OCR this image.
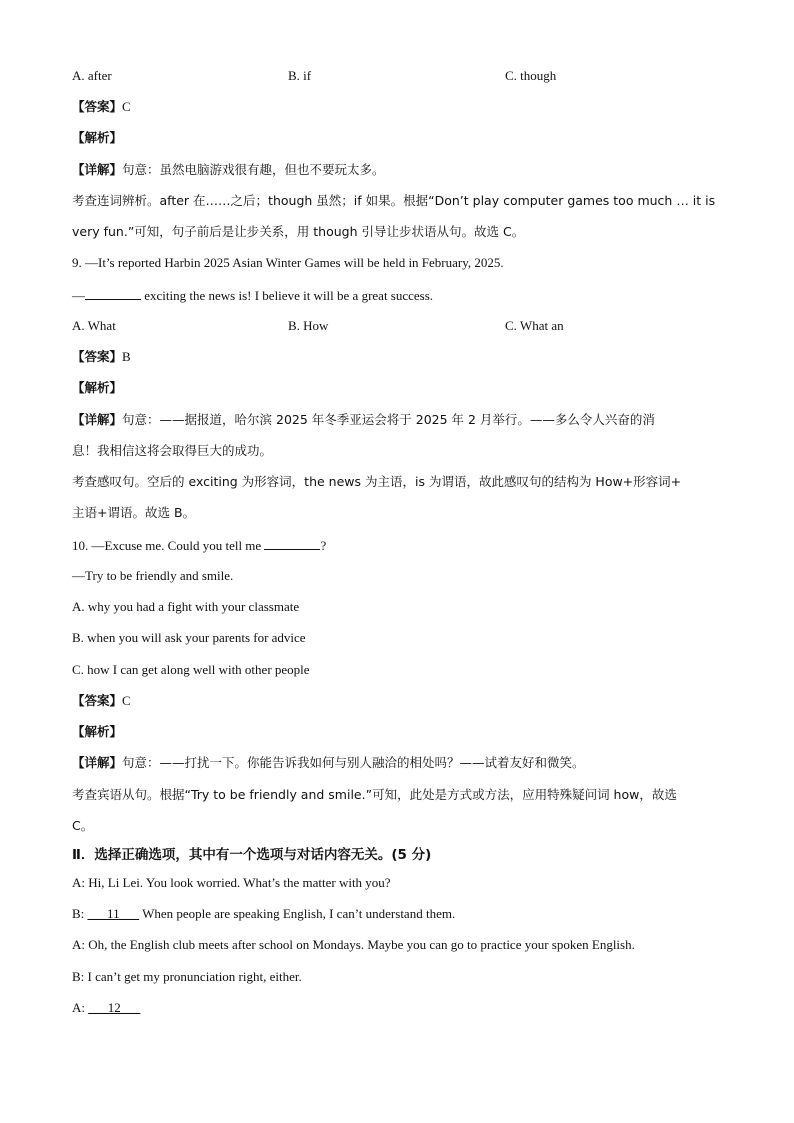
A. after	B. if	C. though
【答案】C
【解析】
【详解】句意：虽然电脑游戏很有趣，但也不要玩太多。
考查连词辨析。after 在……之后；though 虽然；if 如果。根据“Don’t play computer games too much … it is
very fun.”可知，句子前后是让步关系，用 though 引导让步状语从句。故选 C。
9. —It’s reported Harbin 2025 Asian Winter Games will be held in February, 2025.
—	exciting the news is! I believe it will be a great success.
A. What	B. How	C. What an
【答案】B
【解析】
【详解】句意：——据报道，哈尔滨 2025 年冬季亚运会将于 2025 年 2 月举行。——多么令人兴奋的消
息！我相信这将会取得巨大的成功。
考查感叹句。空后的 exciting 为形容词，the news 为主语，is 为谓语，故此感叹句的结构为 How+形容词+
主语+谓语。故选 B。
10. —Excuse me. Could you tell me	?
—Try to be friendly and smile.
A. why you had a fight with your classmate
B. when you will ask your parents for advice
C. how I can get along well with other people
【答案】C
【解析】
【详解】句意：——打扰一下。你能告诉我如何与别人融洽的相处吗？——试着友好和微笑。
考查宾语从句。根据“Try to be friendly and smile.”可知，此处是方式或方法，应用特殊疑问词 how，故选
C。
Ⅱ．选择正确选项，其中有一个选项与对话内容无关。(5 分)
A: Hi, Li Lei. You look worried. What’s the matter with you?
B: ___11___ When people are speaking English, I can’t understand them.
A: Oh, the English club meets after school on Mondays. Maybe you can go to practice your spoken English.
B: I can’t get my pronunciation right, either.
A: ___12___
